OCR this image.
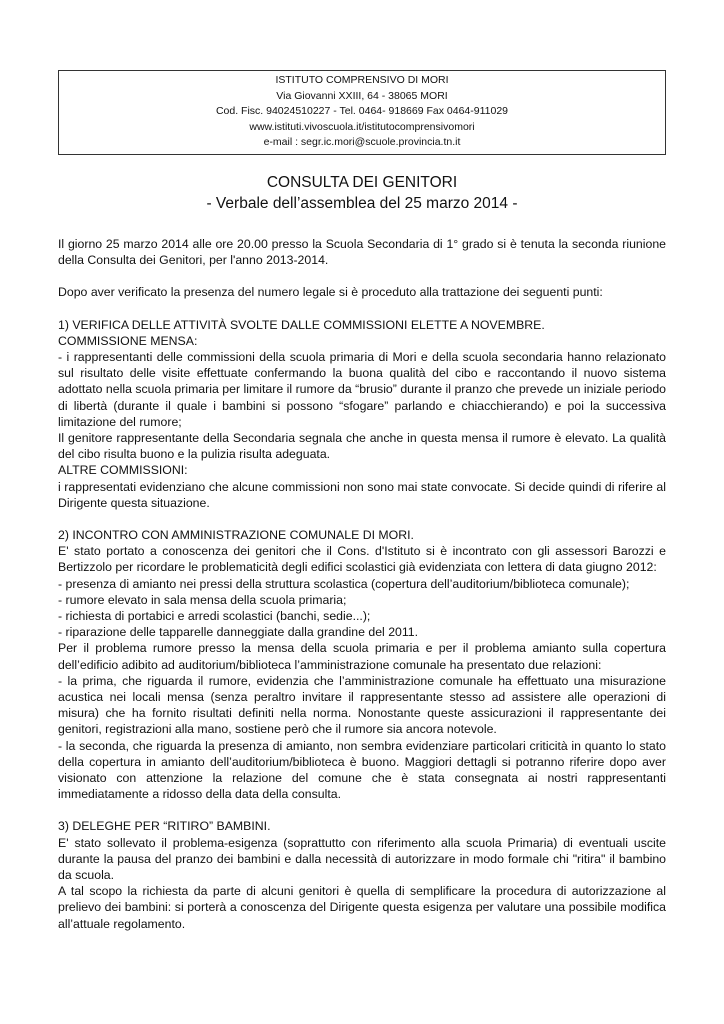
ISTITUTO COMPRENSIVO DI MORI
Via Giovanni XXIII, 64 - 38065 MORI
Cod. Fisc. 94024510227 - Tel. 0464- 918669 Fax 0464-911029
www.istituti.vivoscuola.it/istitutocomprensivomori
e-mail : segr.ic.mori@scuole.provincia.tn.it
CONSULTA DEI GENITORI
- Verbale dell’assemblea del 25 marzo 2014 -

Il giorno 25 marzo 2014 alle ore 20.00 presso la Scuola Secondaria di 1° grado si è tenuta la seconda riunione della Consulta dei Genitori, per l'anno 2013-2014.

Dopo aver verificato la presenza del numero legale si è proceduto alla trattazione dei seguenti punti:

1) VERIFICA DELLE ATTIVITÀ SVOLTE DALLE COMMISSIONI ELETTE A NOVEMBRE.

COMMISSIONE MENSA:

- i rappresentanti delle commissioni della scuola primaria di Mori e della scuola secondaria hanno relazionato sul risultato delle visite effettuate confermando la buona qualità del cibo e raccontando il nuovo sistema adottato nella scuola primaria per limitare il rumore da “brusio” durante il pranzo che prevede un iniziale periodo di libertà (durante il quale i bambini si possono “sfogare” parlando e chiacchierando) e poi la successiva limitazione del rumore;

Il genitore rappresentante della Secondaria segnala che anche in questa mensa il rumore è elevato. La qualità del cibo risulta buono e la pulizia risulta adeguata.

ALTRE COMMISSIONI:

i rappresentati evidenziano che alcune commissioni non sono mai state convocate. Si decide quindi di riferire al Dirigente questa situazione.

2) INCONTRO CON AMMINISTRAZIONE COMUNALE DI MORI.

E' stato portato a conoscenza dei genitori che il Cons. d'Istituto si è incontrato con gli assessori Barozzi e Bertizzolo per ricordare le problematicità degli edifici scolastici già evidenziata con lettera di data giugno 2012:

- presenza di amianto nei pressi della struttura scolastica (copertura dell’auditorium/biblioteca comunale);

- rumore elevato in sala mensa della scuola primaria;

- richiesta di portabici e arredi scolastici (banchi, sedie...);

- riparazione delle tapparelle danneggiate dalla grandine del 2011.

Per il problema rumore presso la mensa della scuola primaria e per il problema amianto sulla copertura dell’edificio adibito ad auditorium/biblioteca l’amministrazione comunale ha presentato due relazioni:

- la prima, che riguarda il rumore, evidenzia che l’amministrazione comunale ha effettuato una misurazione acustica nei locali mensa (senza peraltro invitare il rappresentante stesso ad assistere alle operazioni di misura) che ha fornito risultati definiti nella norma. Nonostante queste assicurazioni il rappresentante dei genitori, registrazioni alla mano, sostiene però che il rumore sia ancora notevole.

- la seconda, che riguarda la presenza di amianto, non sembra evidenziare particolari criticità in quanto lo stato della copertura in amianto dell’auditorium/biblioteca è buono. Maggiori dettagli si potranno riferire dopo aver visionato con attenzione la relazione del comune che è stata consegnata ai nostri rappresentanti immediatamente a ridosso della data della consulta.

3) DELEGHE PER “RITIRO” BAMBINI.

E' stato sollevato il problema-esigenza (soprattutto con riferimento alla scuola Primaria) di eventuali uscite durante la pausa del pranzo dei bambini e dalla necessità di autorizzare in modo formale chi "ritira" il bambino da scuola.

A tal scopo la richiesta da parte di alcuni genitori è quella di semplificare la procedura di autorizzazione al prelievo dei bambini: si porterà a conoscenza del Dirigente questa esigenza per valutare una possibile modifica all’attuale regolamento.
